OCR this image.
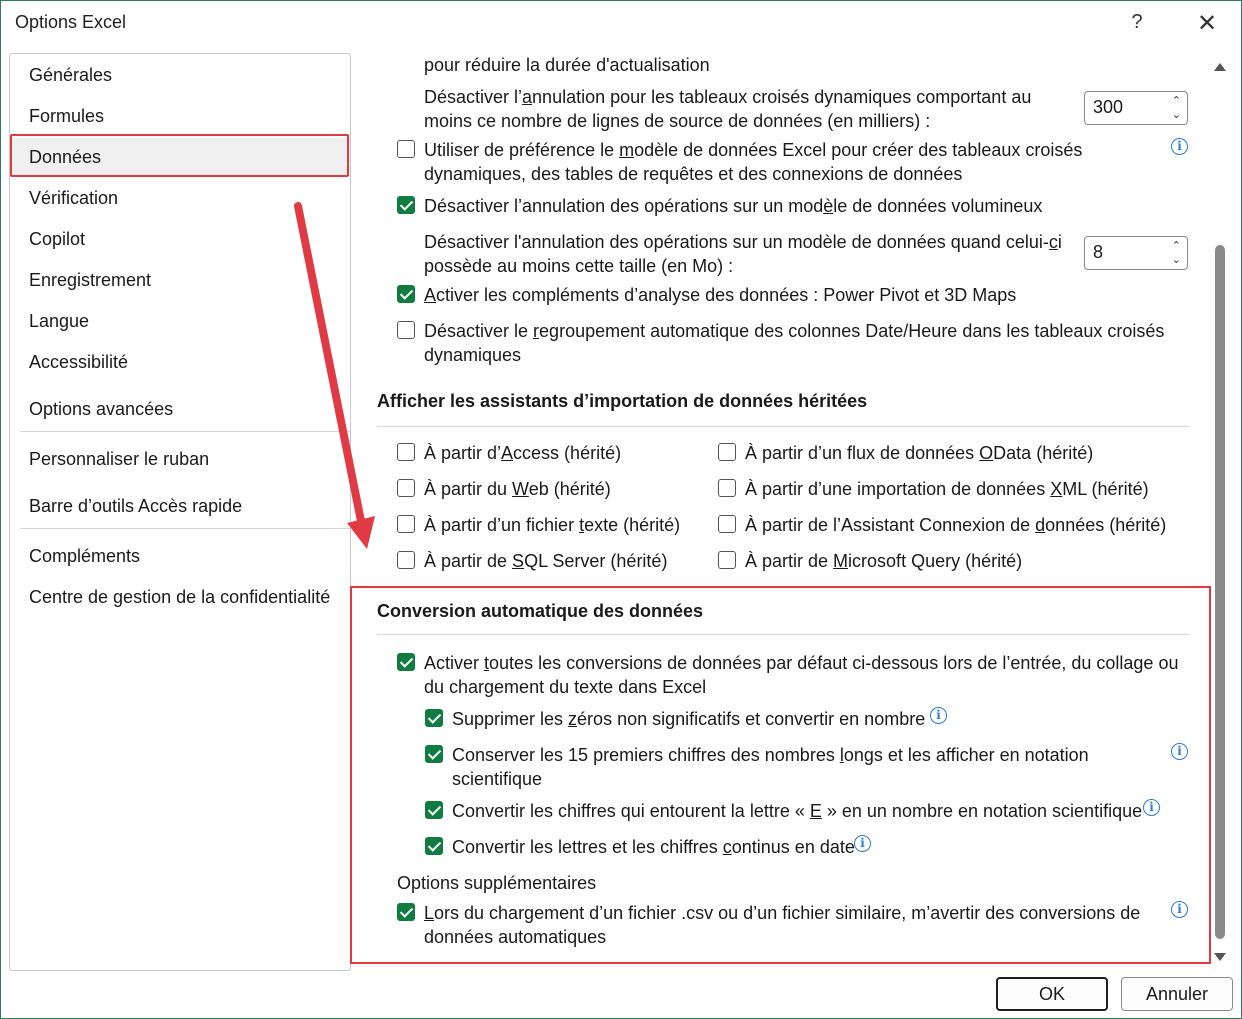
Options Excel	? ✕
Générales
Formules
Données
Vérification
Copilot
Enregistrement
Langue
Accessibilité
Options avancées
Personnaliser le ruban
Barre d’outils Accès rapide
Compléments
Centre de gestion de la confidentialité
pour réduire la durée d'actualisation
Désactiver l’annulation pour les tableaux croisés dynamiques comportant au
moins ce nombre de lignes de source de données (en milliers) :
300	⌃
⌄
Utiliser de préférence le modèle de données Excel pour créer des tableaux croisés
dynamiques, des tables de requêtes et des connexions de données
i
Désactiver l’annulation des opérations sur un modèle de données volumineux
Désactiver l'annulation des opérations sur un modèle de données quand celui-ci
possède au moins cette taille (en Mo) :
8	⌃
⌄
Activer les compléments d’analyse des données : Power Pivot et 3D Maps
Désactiver le regroupement automatique des colonnes Date/Heure dans les tableaux croisés
dynamiques
Afficher les assistants d’importation de données héritées
À partir d’Access (hérité)	À partir d’un flux de données OData (hérité)
À partir du Web (hérité)	À partir d’une importation de données XML (hérité)
À partir d’un fichier texte (hérité)	À partir de l’Assistant Connexion de données (hérité)
À partir de SQL Server (hérité)	À partir de Microsoft Query (hérité)
Conversion automatique des données
Activer toutes les conversions de données par défaut ci-dessous lors de l’entrée, du collage ou
du chargement du texte dans Excel
Supprimer les zéros non significatifs et convertir en nombre i
Conserver les 15 premiers chiffres des nombres longs et les afficher en notation
scientifique
i
Convertir les chiffres qui entourent la lettre « E » en un nombre en notation scientifique i
Convertir les lettres et les chiffres continus en date i
Options supplémentaires
Lors du chargement d’un fichier .csv ou d’un fichier similaire, m’avertir des conversions de
données automatiques
i
OK	Annuler
